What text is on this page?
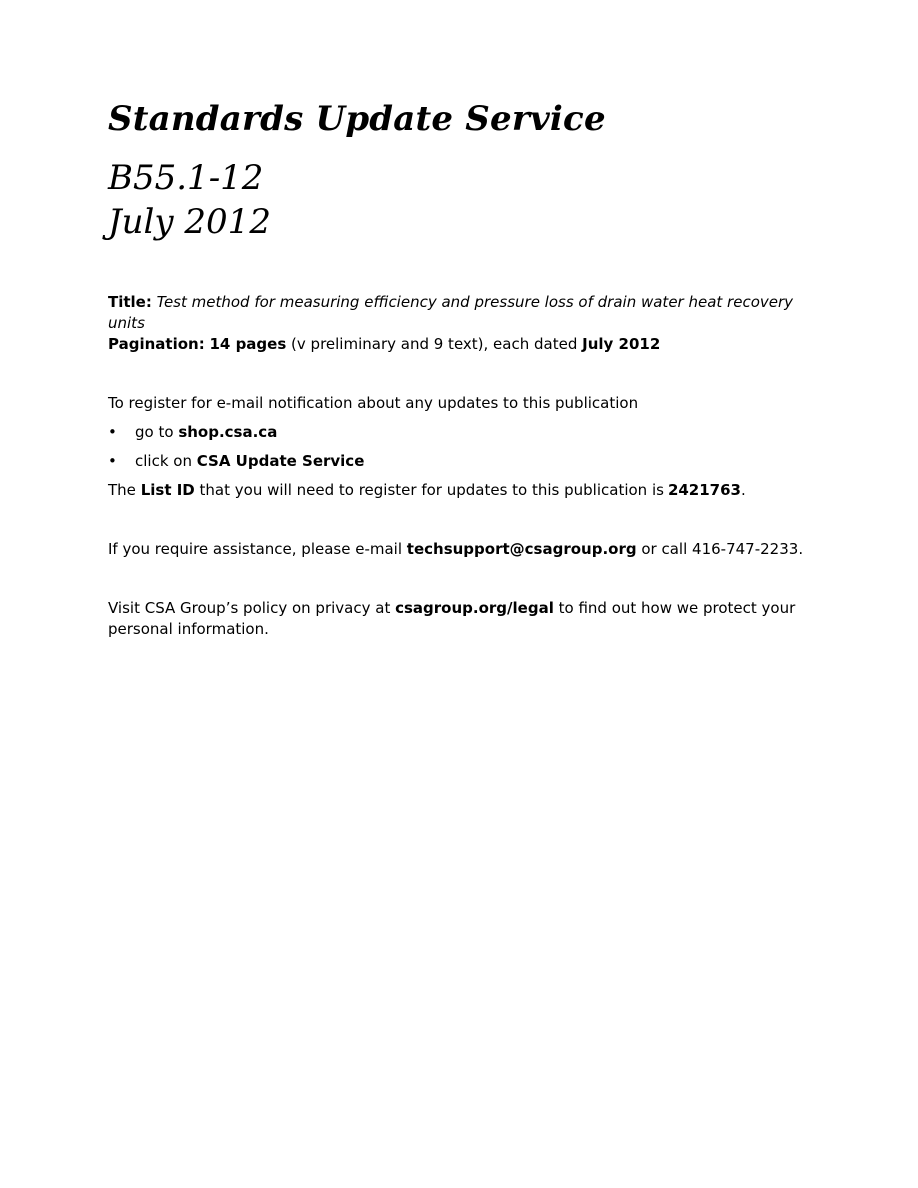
Standards Update Service
B55.1-12
July 2012

Title: Test method for measuring efficiency and pressure loss of drain water heat recovery units

Pagination: 14 pages (v preliminary and 9 text), each dated July 2012

To register for e-mail notification about any updates to this publication

• go to shop.csa.ca
• click on CSA Update Service

The List ID that you will need to register for updates to this publication is 2421763.

If you require assistance, please e-mail techsupport@csagroup.org or call 416-747-2233.

Visit CSA Group’s policy on privacy at csagroup.org/legal to find out how we protect your personal information.
